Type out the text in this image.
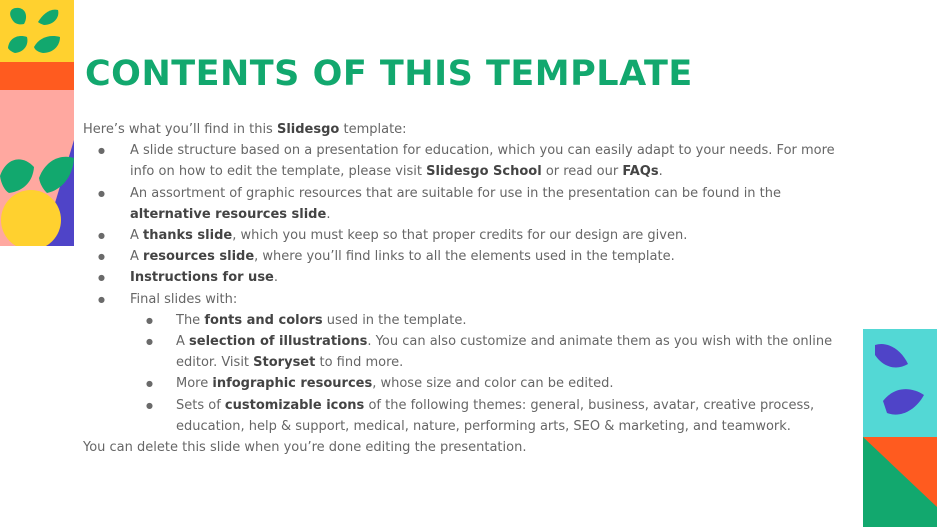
CONTENTS OF THIS TEMPLATE

Here’s what you’ll find in this Slidesgo template:

● A slide structure based on a presentation for education, which you can easily adapt to your needs. For more info on how to edit the template, please visit Slidesgo School or read our FAQs.
● An assortment of graphic resources that are suitable for use in the presentation can be found in the alternative resources slide.
● A thanks slide, which you must keep so that proper credits for our design are given.
● A resources slide, where you’ll find links to all the elements used in the template.
● Instructions for use.
● Final slides with:
● The fonts and colors used in the template.
● A selection of illustrations. You can also customize and animate them as you wish with the online editor. Visit Storyset to find more.
● More infographic resources, whose size and color can be edited.
● Sets of customizable icons of the following themes: general, business, avatar, creative process, education, help & support, medical, nature, performing arts, SEO & marketing, and teamwork.

You can delete this slide when you’re done editing the presentation.
